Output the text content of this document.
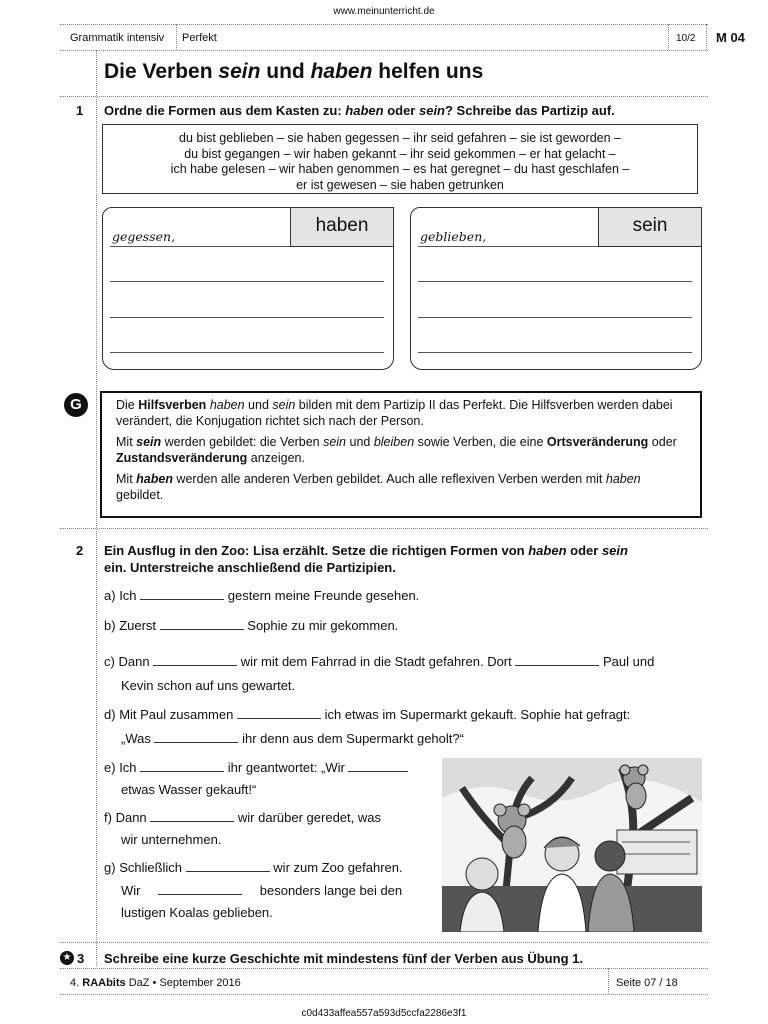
www.meinunterricht.de
Grammatik intensiv Perfekt	10/2 M 04
Die Verben sein und haben helfen uns
1 Ordne die Formen aus dem Kasten zu: haben oder sein? Schreibe das Partizip auf.
du bist geblieben – sie haben gegessen – ihr seid gefahren – sie ist geworden –
du bist gegangen – wir haben gekannt – ihr seid gekommen – er hat gelacht –
ich habe gelesen – wir haben genommen – es hat geregnet – du hast geschlafen –
er ist gewesen – sie haben getrunken
haben
gegessen,
sein
geblieben,
G	Die Hilfsverben haben und sein bilden mit dem Partizip II das Perfekt. Die Hilfsverben werden dabei verändert, die Konjugation richtet sich nach der Person.

Mit sein werden gebildet: die Verben sein und bleiben sowie Verben, die eine Ortsveränderung oder Zustandsveränderung anzeigen.

Mit haben werden alle anderen Verben gebildet. Auch alle reflexiven Verben werden mit haben gebildet.

2 Ein Ausflug in den Zoo: Lisa erzählt. Setze die richtigen Formen von haben oder sein
ein. Unterstreiche anschließend die Partizipien.
a) Ich	gestern meine Freunde gesehen.
b) Zuerst	Sophie zu mir gekommen.
c) Dann	wir mit dem Fahrrad in die Stadt gefahren. Dort	Paul und
Kevin schon auf uns gewartet.
d) Mit Paul zusammen	ich etwas im Supermarkt gekauft. Sophie hat gefragt:
„Was	ihr denn aus dem Supermarkt geholt?“
e) Ich	ihr geantwortet: „Wir
etwas Wasser gekauft!“
f) Dann	wir darüber geredet, was
wir unternehmen.
g) Schließlich	wir zum Zoo gefahren.
Wir	besonders lange bei den
lustigen Koalas geblieben.
★ 3 Schreibe eine kurze Geschichte mit mindestens fünf der Verben aus Übung 1.
4. RAAbits DaZ • September 2016	Seite 07 / 18
c0d433affea557a593d5ccfa2286e3f1
